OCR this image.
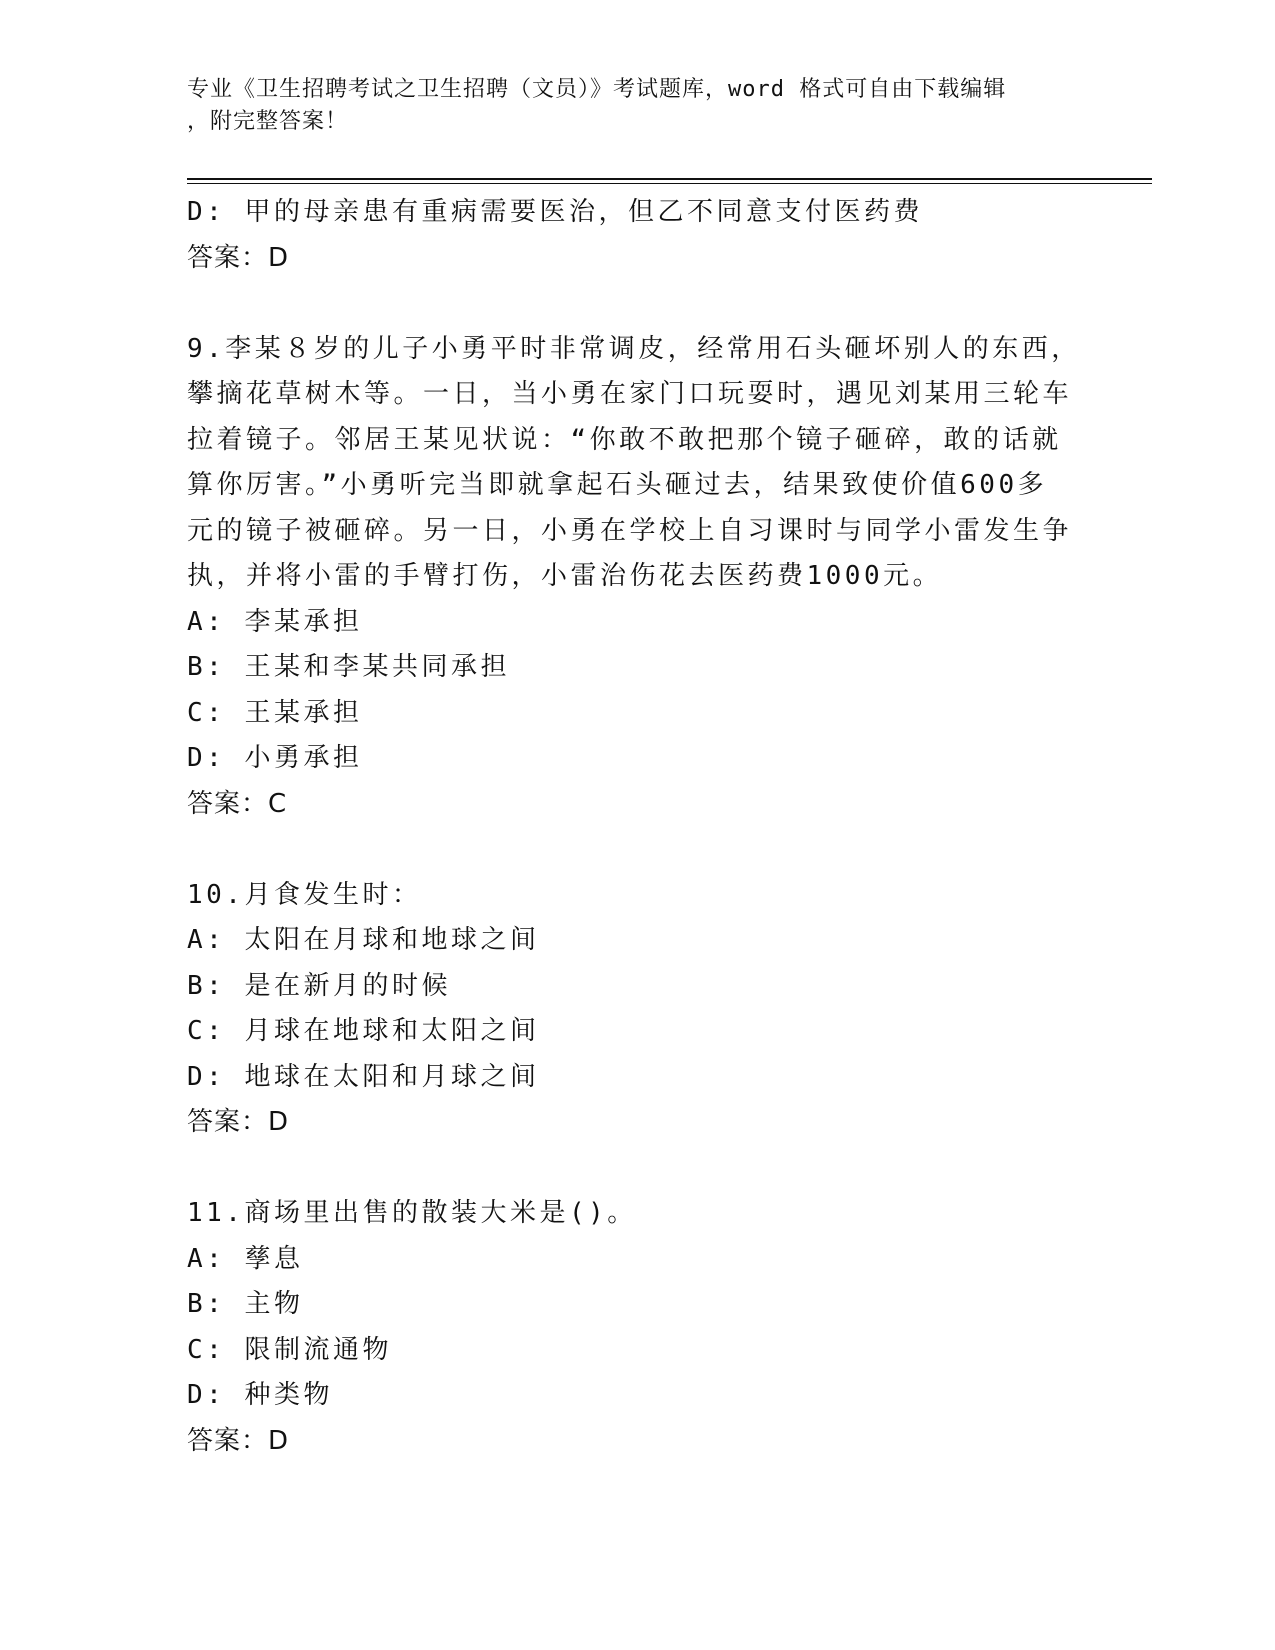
专业《卫生招聘考试之卫生招聘（文员）》考试题库，word 格式可自由下载编辑
，附完整答案！
D: 甲的母亲患有重病需要医治，但乙不同意支付医药费
答案：D
9.李某８岁的儿子小勇平时非常调皮，经常用石头砸坏别人的东西，
攀摘花草树木等。一日，当小勇在家门口玩耍时，遇见刘某用三轮车
拉着镜子。邻居王某见状说：“你敢不敢把那个镜子砸碎，敢的话就
算你厉害。”小勇听完当即就拿起石头砸过去，结果致使价值600多
元的镜子被砸碎。另一日，小勇在学校上自习课时与同学小雷发生争
执，并将小雷的手臂打伤，小雷治伤花去医药费1000元。
A: 李某承担
B: 王某和李某共同承担
C: 王某承担
D: 小勇承担
答案：C
10.月食发生时：
A: 太阳在月球和地球之间
B: 是在新月的时候
C: 月球在地球和太阳之间
D: 地球在太阳和月球之间
答案：D
11.商场里出售的散装大米是()。
A: 孳息
B: 主物
C: 限制流通物
D: 种类物
答案：D
